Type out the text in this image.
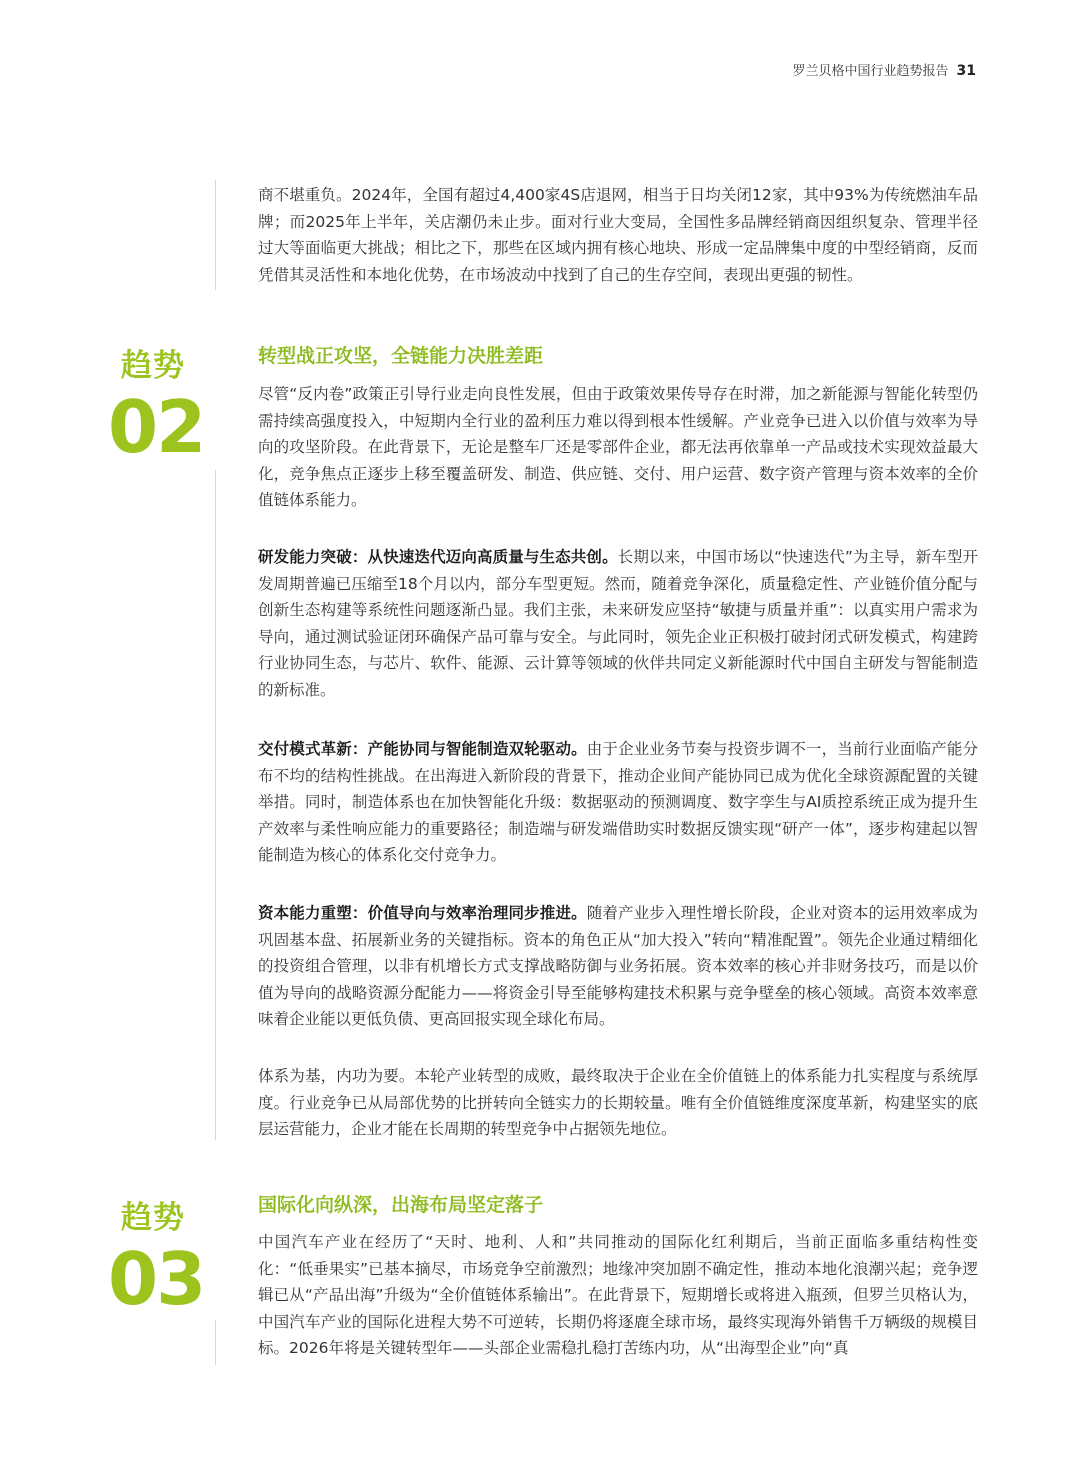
罗兰贝格中国行业趋势报告 31

商不堪重负。2024年，全国有超过4,400家4S店退网，相当于日均关闭12家，其中93%为传统燃油车品牌；而2025年上半年，关店潮仍未止步。面对行业大变局，全国性多品牌经销商因组织复杂、管理半径过大等面临更大挑战；相比之下，那些在区域内拥有核心地块、形成一定品牌集中度的中型经销商，反而凭借其灵活性和本地化优势，在市场波动中找到了自己的生存空间，表现出更强的韧性。

趋势
02
转型战正攻坚，全链能力决胜差距

尽管“反内卷”政策正引导行业走向良性发展，但由于政策效果传导存在时滞，加之新能源与智能化转型仍需持续高强度投入，中短期内全行业的盈利压力难以得到根本性缓解。产业竞争已进入以价值与效率为导向的攻坚阶段。在此背景下，无论是整车厂还是零部件企业，都无法再依靠单一产品或技术实现效益最大化，竞争焦点正逐步上移至覆盖研发、制造、供应链、交付、用户运营、数字资产管理与资本效率的全价值链体系能力。

研发能力突破：从快速迭代迈向高质量与生态共创。长期以来，中国市场以“快速迭代”为主导，新车型开发周期普遍已压缩至18个月以内，部分车型更短。然而，随着竞争深化，质量稳定性、产业链价值分配与创新生态构建等系统性问题逐渐凸显。我们主张，未来研发应坚持“敏捷与质量并重”：以真实用户需求为导向，通过测试验证闭环确保产品可靠与安全。与此同时，领先企业正积极打破封闭式研发模式，构建跨行业协同生态，与芯片、软件、能源、云计算等领域的伙伴共同定义新能源时代中国自主研发与智能制造的新标准。

交付模式革新：产能协同与智能制造双轮驱动。由于企业业务节奏与投资步调不一，当前行业面临产能分布不均的结构性挑战。在出海进入新阶段的背景下，推动企业间产能协同已成为优化全球资源配置的关键举措。同时，制造体系也在加快智能化升级：数据驱动的预测调度、数字孪生与AI质控系统正成为提升生产效率与柔性响应能力的重要路径；制造端与研发端借助实时数据反馈实现“研产一体”，逐步构建起以智能制造为核心的体系化交付竞争力。

资本能力重塑：价值导向与效率治理同步推进。随着产业步入理性增长阶段，企业对资本的运用效率成为巩固基本盘、拓展新业务的关键指标。资本的角色正从“加大投入”转向“精准配置”。领先企业通过精细化的投资组合管理，以非有机增长方式支撑战略防御与业务拓展。资本效率的核心并非财务技巧，而是以价值为导向的战略资源分配能力——将资金引导至能够构建技术积累与竞争壁垒的核心领域。高资本效率意味着企业能以更低负债、更高回报实现全球化布局。

体系为基，内功为要。本轮产业转型的成败，最终取决于企业在全价值链上的体系能力扎实程度与系统厚度。行业竞争已从局部优势的比拼转向全链实力的长期较量。唯有全价值链维度深度革新，构建坚实的底层运营能力，企业才能在长周期的转型竞争中占据领先地位。

趋势
03
国际化向纵深，出海布局坚定落子

中国汽车产业在经历了“天时、地利、人和”共同推动的国际化红利期后，当前正面临多重结构性变化：“低垂果实”已基本摘尽，市场竞争空前激烈；地缘冲突加剧不确定性，推动本地化浪潮兴起；竞争逻辑已从“产品出海”升级为“全价值链体系输出”。在此背景下，短期增长或将进入瓶颈，但罗兰贝格认为，中国汽车产业的国际化进程大势不可逆转，长期仍将逐鹿全球市场，最终实现海外销售千万辆级的规模目标。2026年将是关键转型年——头部企业需稳扎稳打苦练内功，从“出海型企业”向“真
